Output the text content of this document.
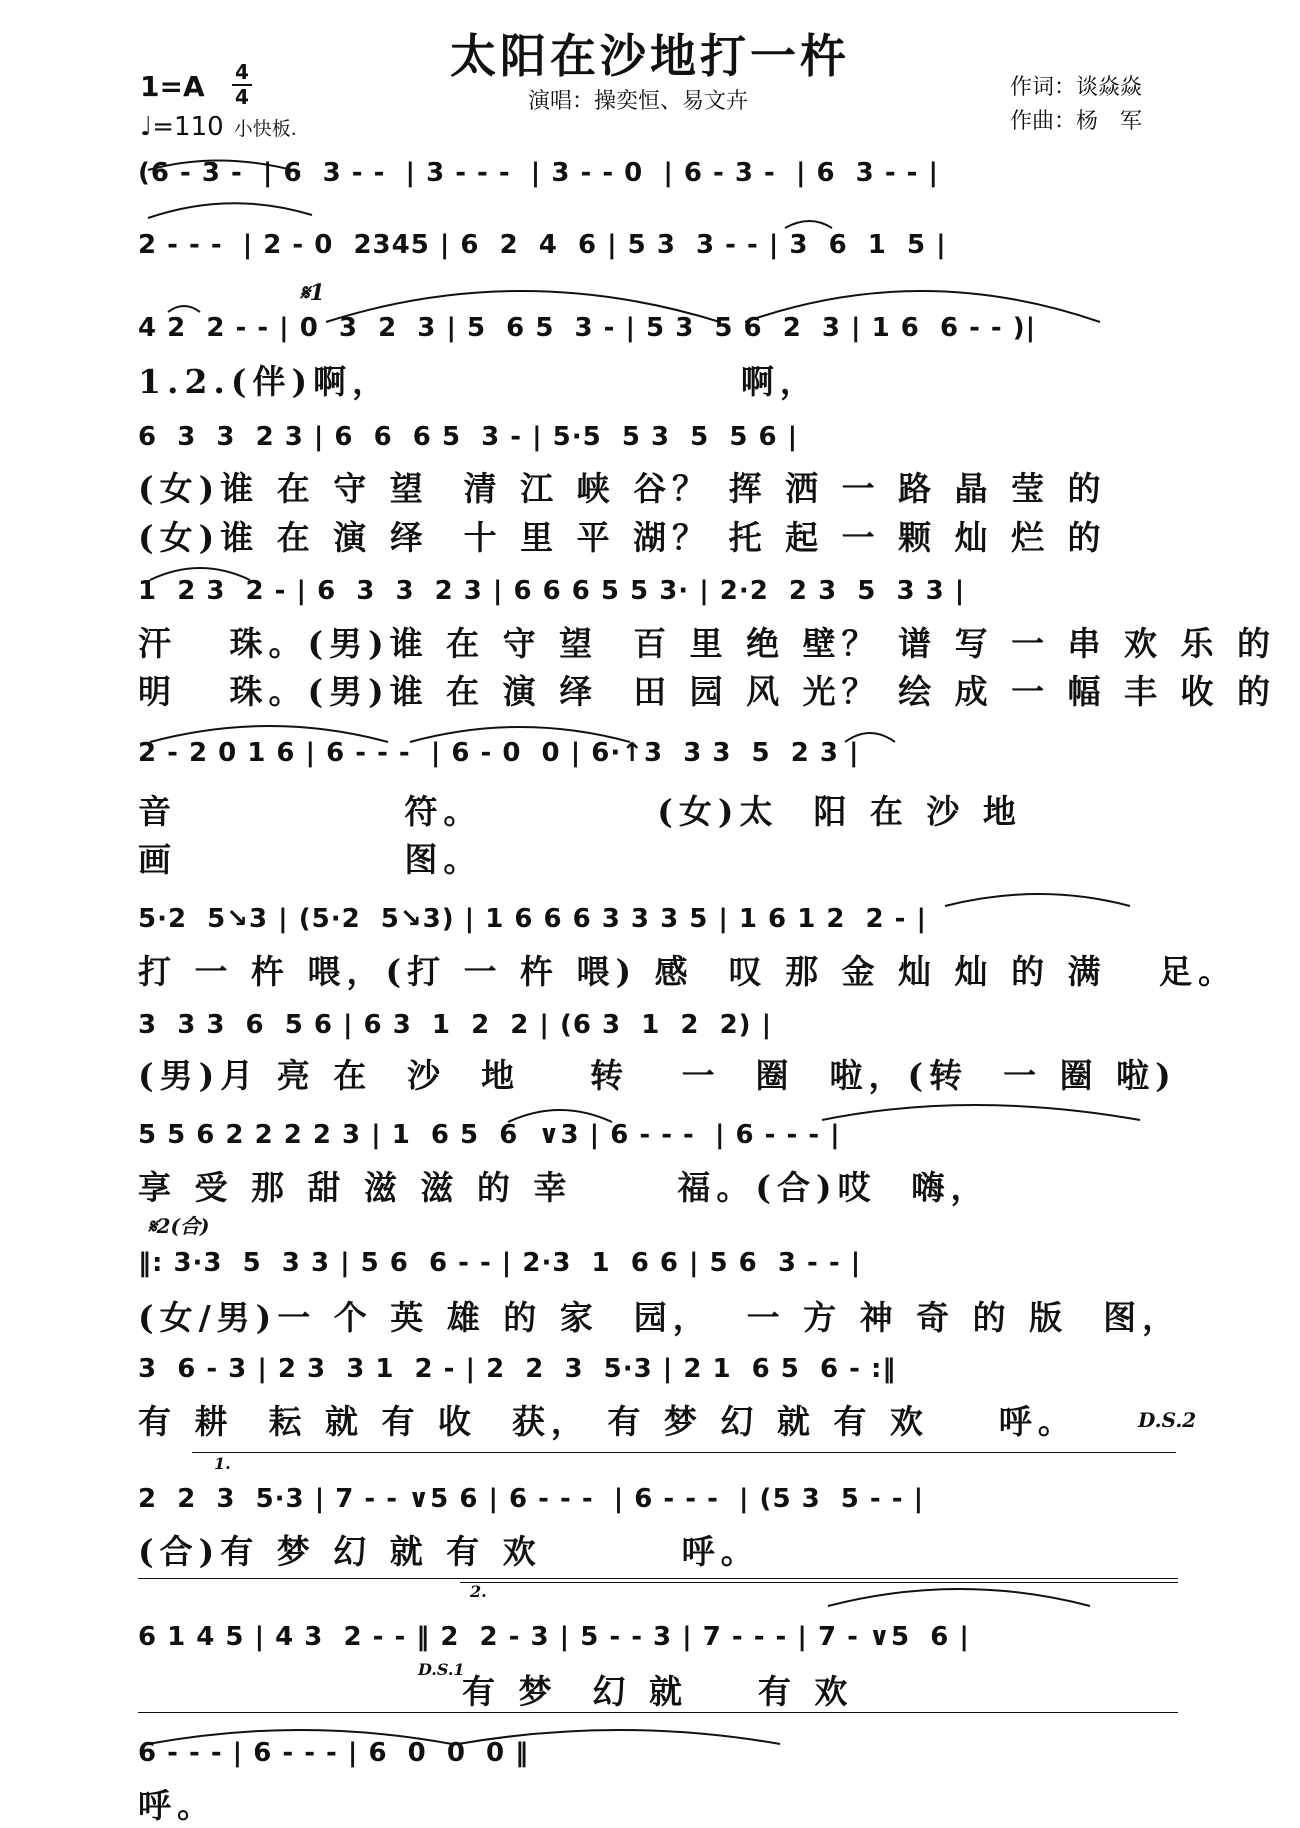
太阳在沙地打一杵
1=A 4
4
♩=110 小快板.
演唱：操奕恒、易文卉
作词：谈焱焱
作曲：杨　军
(6 - 3 -  | 6  3 - -  | 3 - - -  | 3 - - 0  | 6 - 3 -  | 6  3 - - |
2 - - -  | 2 - 0  2345 | 6  2  4  6 | 5 3  3 - - | 3  6  1  5 |
4 2  2 - - | 0  3  2  3 | 5  6 5  3 - | 5 3  5 6  2  3 | 1 6  6 - - )|
𝄋1
1.2.(伴)啊，                    啊，
6  3  3  2 3 | 6  6  6 5  3 - | 5·5  5 3  5  5 6 |
(女)谁 在 守 望  清 江 峡 谷？ 挥 洒 一 路 晶 莹 的
(女)谁 在 演 绎  十 里 平 湖？ 托 起 一 颗 灿 烂 的
1  2 3  2 - | 6  3  3  2 3 | 6 6 6 5 5 3· | 2·2  2 3  5  3 3 |
汗   珠。(男)谁 在 守 望  百 里 绝 壁？ 谱 写 一 串 欢 乐 的
明   珠。(男)谁 在 演 绎  田 园 风 光？ 绘 成 一 幅 丰 收 的
2 - 2 0 1 6 | 6 - - -  | 6 - 0  0 | 6·↑3  3 3  5  2 3 |
音             符。          (女)太  阳 在 沙 地
画             图。
5·2  5↘3 | (5·2  5↘3) | 1 6 6 6 3 3 3 5 | 1 6 1 2  2 - |
打 一 杵 喂，(打 一 杵 喂) 感  叹 那 金 灿 灿 的 满   足。
3  3 3  6  5 6 | 6 3  1  2  2 | (6 3  1  2  2) |
(男)月 亮 在  沙  地    转   一  圈  啦，(转  一 圈 啦)
5 5 6 2 2 2 2 3 | 1  6 5  6  ∨3 | 6 - - -  | 6 - - - |
享 受 那 甜 滋 滋 的 幸      福。(合)哎  嗨，
𝄋2(合)
‖: 3·3  5  3 3 | 5 6  6 - - | 2·3  1  6 6 | 5 6  3 - - |
(女/男)一 个 英 雄 的 家  园，  一 方 神 奇 的 版  图，
3  6 - 3 | 2 3  3 1  2 - | 2  2  3  5·3 | 2 1  6 5  6 - :‖
有 耕  耘 就 有 收  获， 有 梦 幻 就 有 欢    呼。	D.S.2
1.
2  2  3  5·3 | 7 - - ∨5 6 | 6 - - -  | 6 - - -  | (5 3  5 - - |
(合)有 梦 幻 就 有 欢        呼。
2.
6 1 4 5 | 4 3  2 - - ‖ 2  2 - 3 | 5 - - 3 | 7 - - - | 7 - ∨5  6 |
D.S.1
有 梦  幻 就    有 欢
6 - - - | 6 - - - | 6  0  0  0 ‖
呼。
